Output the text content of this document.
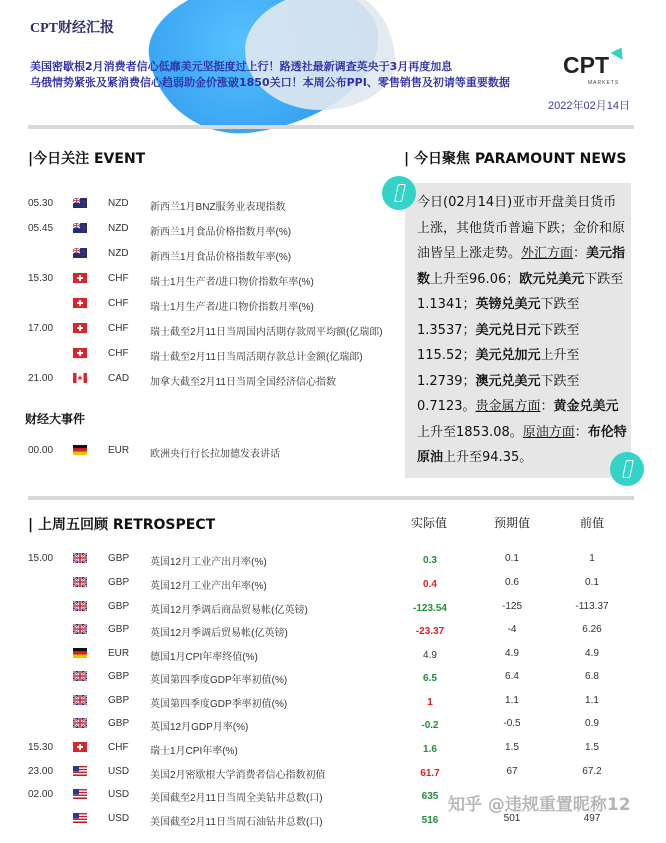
CPT财经汇报
美国密歇根2月消费者信心低靡美元坚挺度过上行！路透社最新调查英央于3月再度加息
乌俄情势紧张及紧消费信心趋弱助金价涨破1850关口！本周公布PPI、零售销售及初请等重要数据
CPT
MARKETS
2022年02月14日
|今日关注 EVENT	| 今日聚焦 PARAMOUNT NEWS
05.30	NZD 新西兰1月BNZ服务业表现指数
05.45	NZD 新西兰1月食品价格指数月率(%)
NZD 新西兰1月食品价格指数年率(%)
15.30	CHF 瑞士1月生产者/进口物价指数年率(%)
CHF 瑞士1月生产者/进口物价指数月率(%)
17.00	CHF 瑞士截至2月11日当周国内活期存款周平均额(亿瑞郎)
CHF 瑞士截至2月11日当周活期存款总计金额(亿瑞郎)
21.00	CAD 加拿大截至2月11日当周全国经济信心指数
财经大事件
00.00	EUR 欧洲央行行长拉加德发表讲话
今日(02月14日)亚市开盘美日货币上涨，其他货币普遍下跌；金价和原油皆呈上涨走势。外汇方面：美元指数上升至96.06；欧元兑美元下跌至1.1341；英镑兑美元下跌至1.3537；美元兑日元下跌至115.52；美元兑加元上升至1.2739；澳元兑美元下跌至0.7123。贵金属方面：黄金兑美元上升至1853.08。原油方面：布伦特原油上升至94.35。
| 上周五回顾 RETROSPECT	实际值	预期值	前值
15.00	GBP 英国12月工业产出月率(%)	0.3	0.1	1
GBP 英国12月工业产出年率(%)	0.4	0.6	0.1
GBP 英国12月季调后商品贸易帐(亿英镑)	-123.54	-125	-113.37
GBP 英国12月季调后贸易帐(亿英镑)	-23.37	-4	6.26
EUR 德国1月CPI年率终值(%)	4.9	4.9	4.9
GBP 英国第四季度GDP年率初值(%)	6.5	6.4	6.8
GBP 英国第四季度GDP季率初值(%)	1	1.1	1.1
GBP 英国12月GDP月率(%)	-0.2	-0.5	0.9
15.30	CHF 瑞士1月CPI年率(%)	1.6	1.5	1.5
23.00	USD 美国2月密歇根大学消费者信心指数初值	61.7	67	67.2
02.00	USD 美国截至2月11日当周全美钻井总数(口)	635
USD 美国截至2月11日当周石油钻井总数(口)	516	501	497
知乎 @违规重置昵称12
